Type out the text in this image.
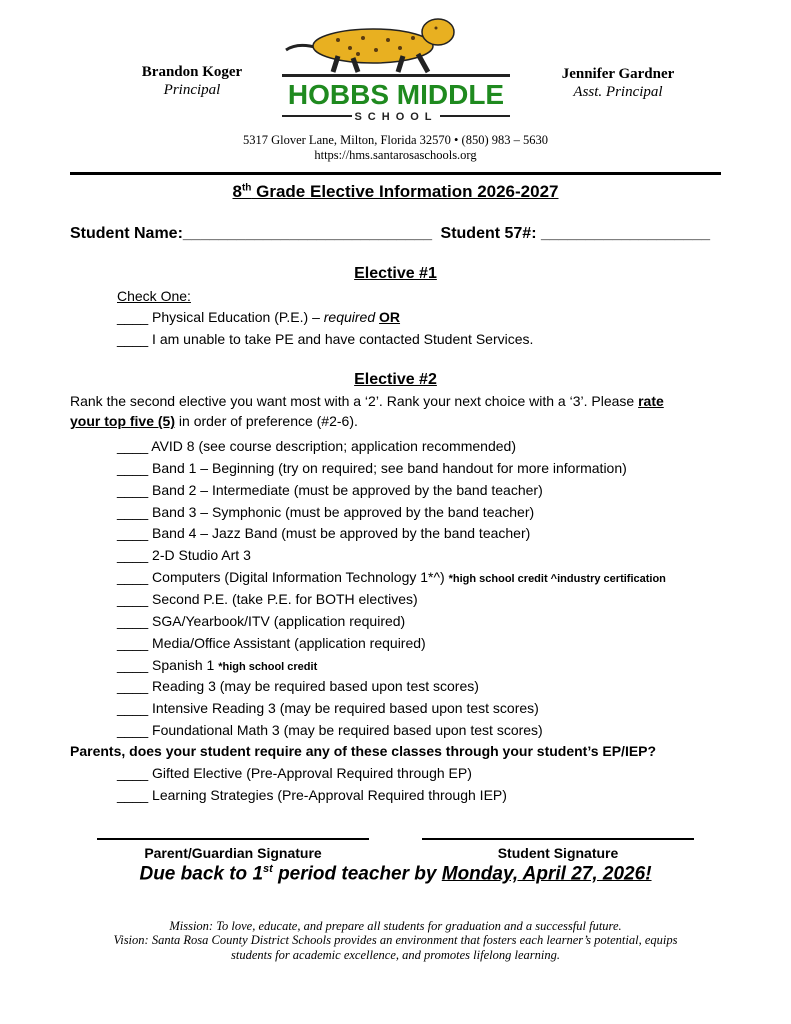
Brandon Koger
Principal
Jennifer Gardner
Asst. Principal
HOBBS MIDDLE
SCHOOL
5317 Glover Lane, Milton, Florida 32570 • (850) 983 – 5630
https://hms.santarosaschools.org
8th Grade Elective Information 2026-2027
Student Name:____________________________ Student 57#: ___________________
Elective #1
Check One:
____ Physical Education (P.E.) – required OR
____ I am unable to take PE and have contacted Student Services.
Elective #2
Rank the second elective you want most with a ‘2’. Rank your next choice with a ‘3’. Please rate
your top five (5) in order of preference (#2-6).
____ AVID 8 (see course description; application recommended)
____ Band 1 – Beginning (try on required; see band handout for more information)
____ Band 2 – Intermediate (must be approved by the band teacher)
____ Band 3 – Symphonic (must be approved by the band teacher)
____ Band 4 – Jazz Band (must be approved by the band teacher)
____ 2-D Studio Art 3
____ Computers (Digital Information Technology 1*^) *high school credit ^industry certification
____ Second P.E. (take P.E. for BOTH electives)
____ SGA/Yearbook/ITV (application required)
____ Media/Office Assistant (application required)
____ Spanish 1 *high school credit
____ Reading 3 (may be required based upon test scores)
____ Intensive Reading 3 (may be required based upon test scores)
____ Foundational Math 3 (may be required based upon test scores)
Parents, does your student require any of these classes through your student’s EP/IEP?
____ Gifted Elective (Pre-Approval Required through EP)
____ Learning Strategies (Pre-Approval Required through IEP)
Parent/Guardian Signature	Student Signature
Due back to 1st period teacher by Monday, April 27, 2026!
Mission: To love, educate, and prepare all students for graduation and a successful future.
Vision: Santa Rosa County District Schools provides an environment that fosters each learner’s potential, equips
students for academic excellence, and promotes lifelong learning.
